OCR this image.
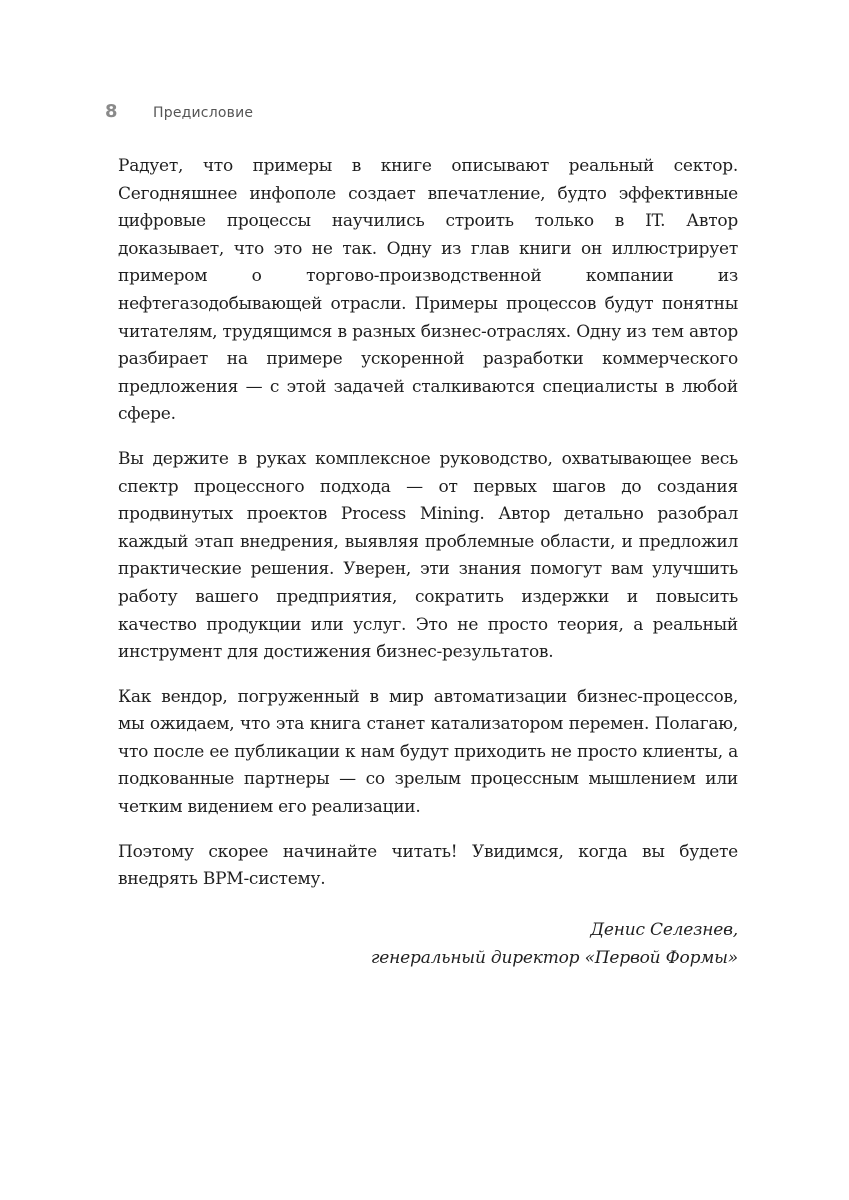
8	Предисловие

Радует, что примеры в книге описывают реальный сектор. Сегодняшнее инфополе создает впечатление, будто эффективные цифровые процессы научились строить только в IT. Автор доказывает, что это не так. Одну из глав книги он иллюстрирует примером о торгово-производственной компании из нефтегазодобывающей отрасли. Примеры процессов будут понятны читателям, трудящимся в разных бизнес-отраслях. Одну из тем автор разбирает на примере ускоренной разработки коммерческого предложения — с этой задачей сталкиваются специалисты в любой сфере.

Вы держите в руках комплексное руководство, охватывающее весь спектр процессного подхода — от первых шагов до создания продвинутых проектов Process Mining. Автор детально разобрал каждый этап внедрения, выявляя проблемные области, и предложил практические решения. Уверен, эти знания помогут вам улучшить работу вашего предприятия, сократить издержки и повысить качество продукции или услуг. Это не просто теория, а реальный инструмент для достижения бизнес-результатов.

Как вендор, погруженный в мир автоматизации бизнес-процессов, мы ожидаем, что эта книга станет катализатором перемен. Полагаю, что после ее публикации к нам будут приходить не просто клиенты, а подкованные партнеры — со зрелым процессным мышлением или четким видением его реализации.

Поэтому скорее начинайте читать! Увидимся, когда вы будете внедрять BPM-систему.

Денис Селезнев,
генеральный директор «Первой Формы»
